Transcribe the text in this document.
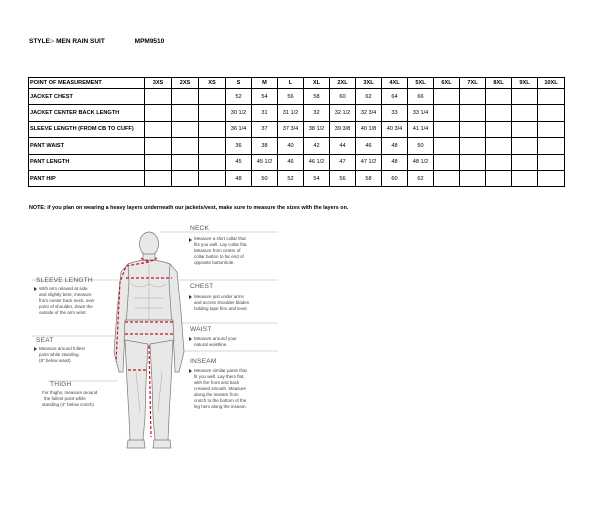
STYLE:- MEN RAIN SUIT	MPM9510
POINT OF MEASUREMENT	3XS	2XS	XS	S	M	L	XL	2XL	3XL	4XL	5XL	6XL	7XL	8XL	9XL	10XL
JACKET CHEST				52	54	56	58	60	62	64	66					
JACKET CENTER BACK LENGTH				30 1/2	31	31 1/2	32	32 1/2	32 3/4	33	33 1/4					
SLEEVE LENGTH (FROM CB TO CUFF)				36 1/4	37	37 3/4	38 1/2	39 3/8	40 1/8	40 3/4	41 1/4					
PANT WAIST				36	38	40	42	44	46	48	50					
PANT LENGTH				45	45 1/2	46	46 1/2	47	47 1/2	48	48 1/2					
PANT HIP				48	50	52	54	56	58	60	62					
NOTE: if you plan on wearing a heavy layers underneath our jackets/vest, make sure to measure the sizes with the layers on.
NECK
Measure a shirt collar that fits you well. Lay collar flat. Measure from center of collar button to far end of opposite buttonhole.
CHEST
Measure just under arms and across shoulder blades holding tape firm and level.
WAIST
Measure around your natural waistline.
INSEAM
Measure similar pants that fit you well. Lay them flat, with the front and back creased smooth. Measure along the inseam from crotch to the bottom of the leg hem along the inseam.
SLEEVE LENGTH
With arm relaxed at side and slightly bent, measure from center back neck, over point of shoulder, down the outside of the arm wrist.
SEAT
Measure around fullest point while standing. (8" below waist)
THIGH
For thighs, measure around the fullest point while standing (4" below crotch)
